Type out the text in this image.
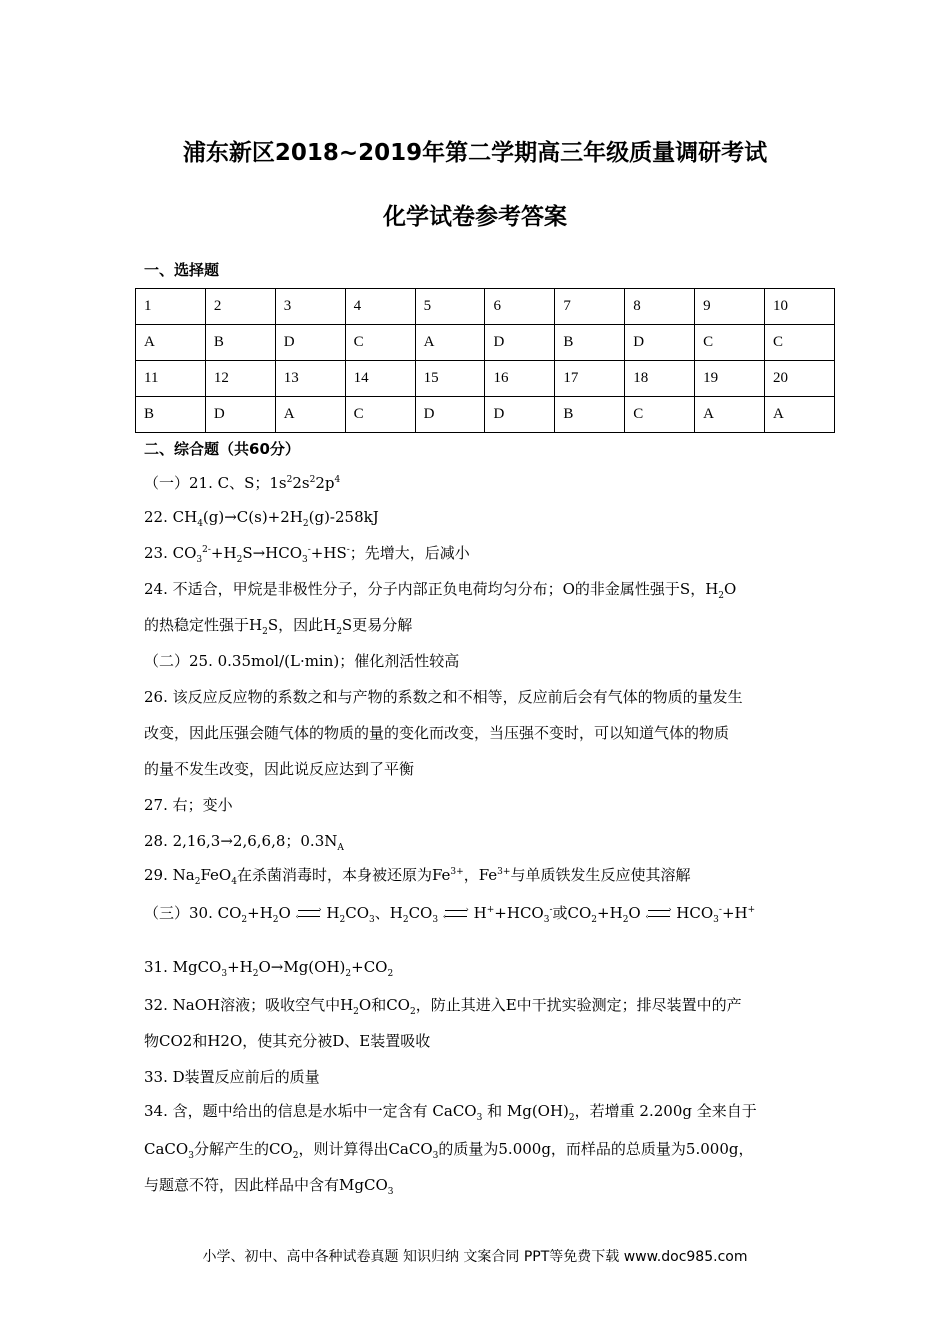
浦东新区2018~2019年第二学期高三年级质量调研考试
化学试卷参考答案
一、选择题
1	2	3	4	5	6	7	8	9	10
A	B	D	C	A	D	B	D	C	C
11	12	13	14	15	16	17	18	19	20
B	D	A	C	D	D	B	C	A	A
二、综合题（共60分）
（一）21. C、S；$1s^22s^22p^4$
22. $CH_4(g)\to C(s)+2H_2(g)-258kJ$
23. $CO_3^{2-}+H_2S\to HCO_3^-+HS^-$；先增大，后减小
24. 不适合，甲烷是非极性分子，分子内部正负电荷均匀分布；O的非金属性强于S，$H_2O$
的热稳定性强于$H_2S$，因此$H_2S$更易分解
（二）25. 0.35mol/(L·min)；催化剂活性较高
26. 该反应反应物的系数之和与产物的系数之和不相等，反应前后会有气体的物质的量发生
改变，因此压强会随气体的物质的量的变化而改变，当压强不变时，可以知道气体的物质
的量不发生改变，因此说反应达到了平衡
27. 右；变小
28. 2,16,3→2,6,6,8；$0.3N_A$
29. $Na_2FeO_4$在杀菌消毒时，本身被还原为$Fe^{3+}$，$Fe^{3+}$与单质铁发生反应使其溶解
（三）30. $CO_2+H_2O$	›
‹ $H_2CO_3$、$H_2CO_3$
›
‹ $H^++HCO_3^-$或$CO_2+H_2O$	›
‹ $HCO_3^-+H^+$
31. $MgCO_3+H_2O\to Mg(OH)_2+CO_2$
32. NaOH溶液；吸收空气中$H_2O$和$CO_2$，防止其进入E中干扰实验测定；排尽装置中的产
物CO2和H2O，使其充分被D、E装置吸收
33. D装置反应前后的质量
34. 含，题中给出的信息是水垢中一定含有 CaCO$_3$ 和 $Mg(OH)_2$，若增重 2.200g 全来自于
CaCO$_3$分解产生的$CO_2$，则计算得出CaCO$_3$的质量为5.000g，而样品的总质量为5.000g，
与题意不符，因此样品中含有MgCO$_3$
小学、初中、高中各种试卷真题 知识归纳 文案合同 PPT等免费下载 www.doc985.com
